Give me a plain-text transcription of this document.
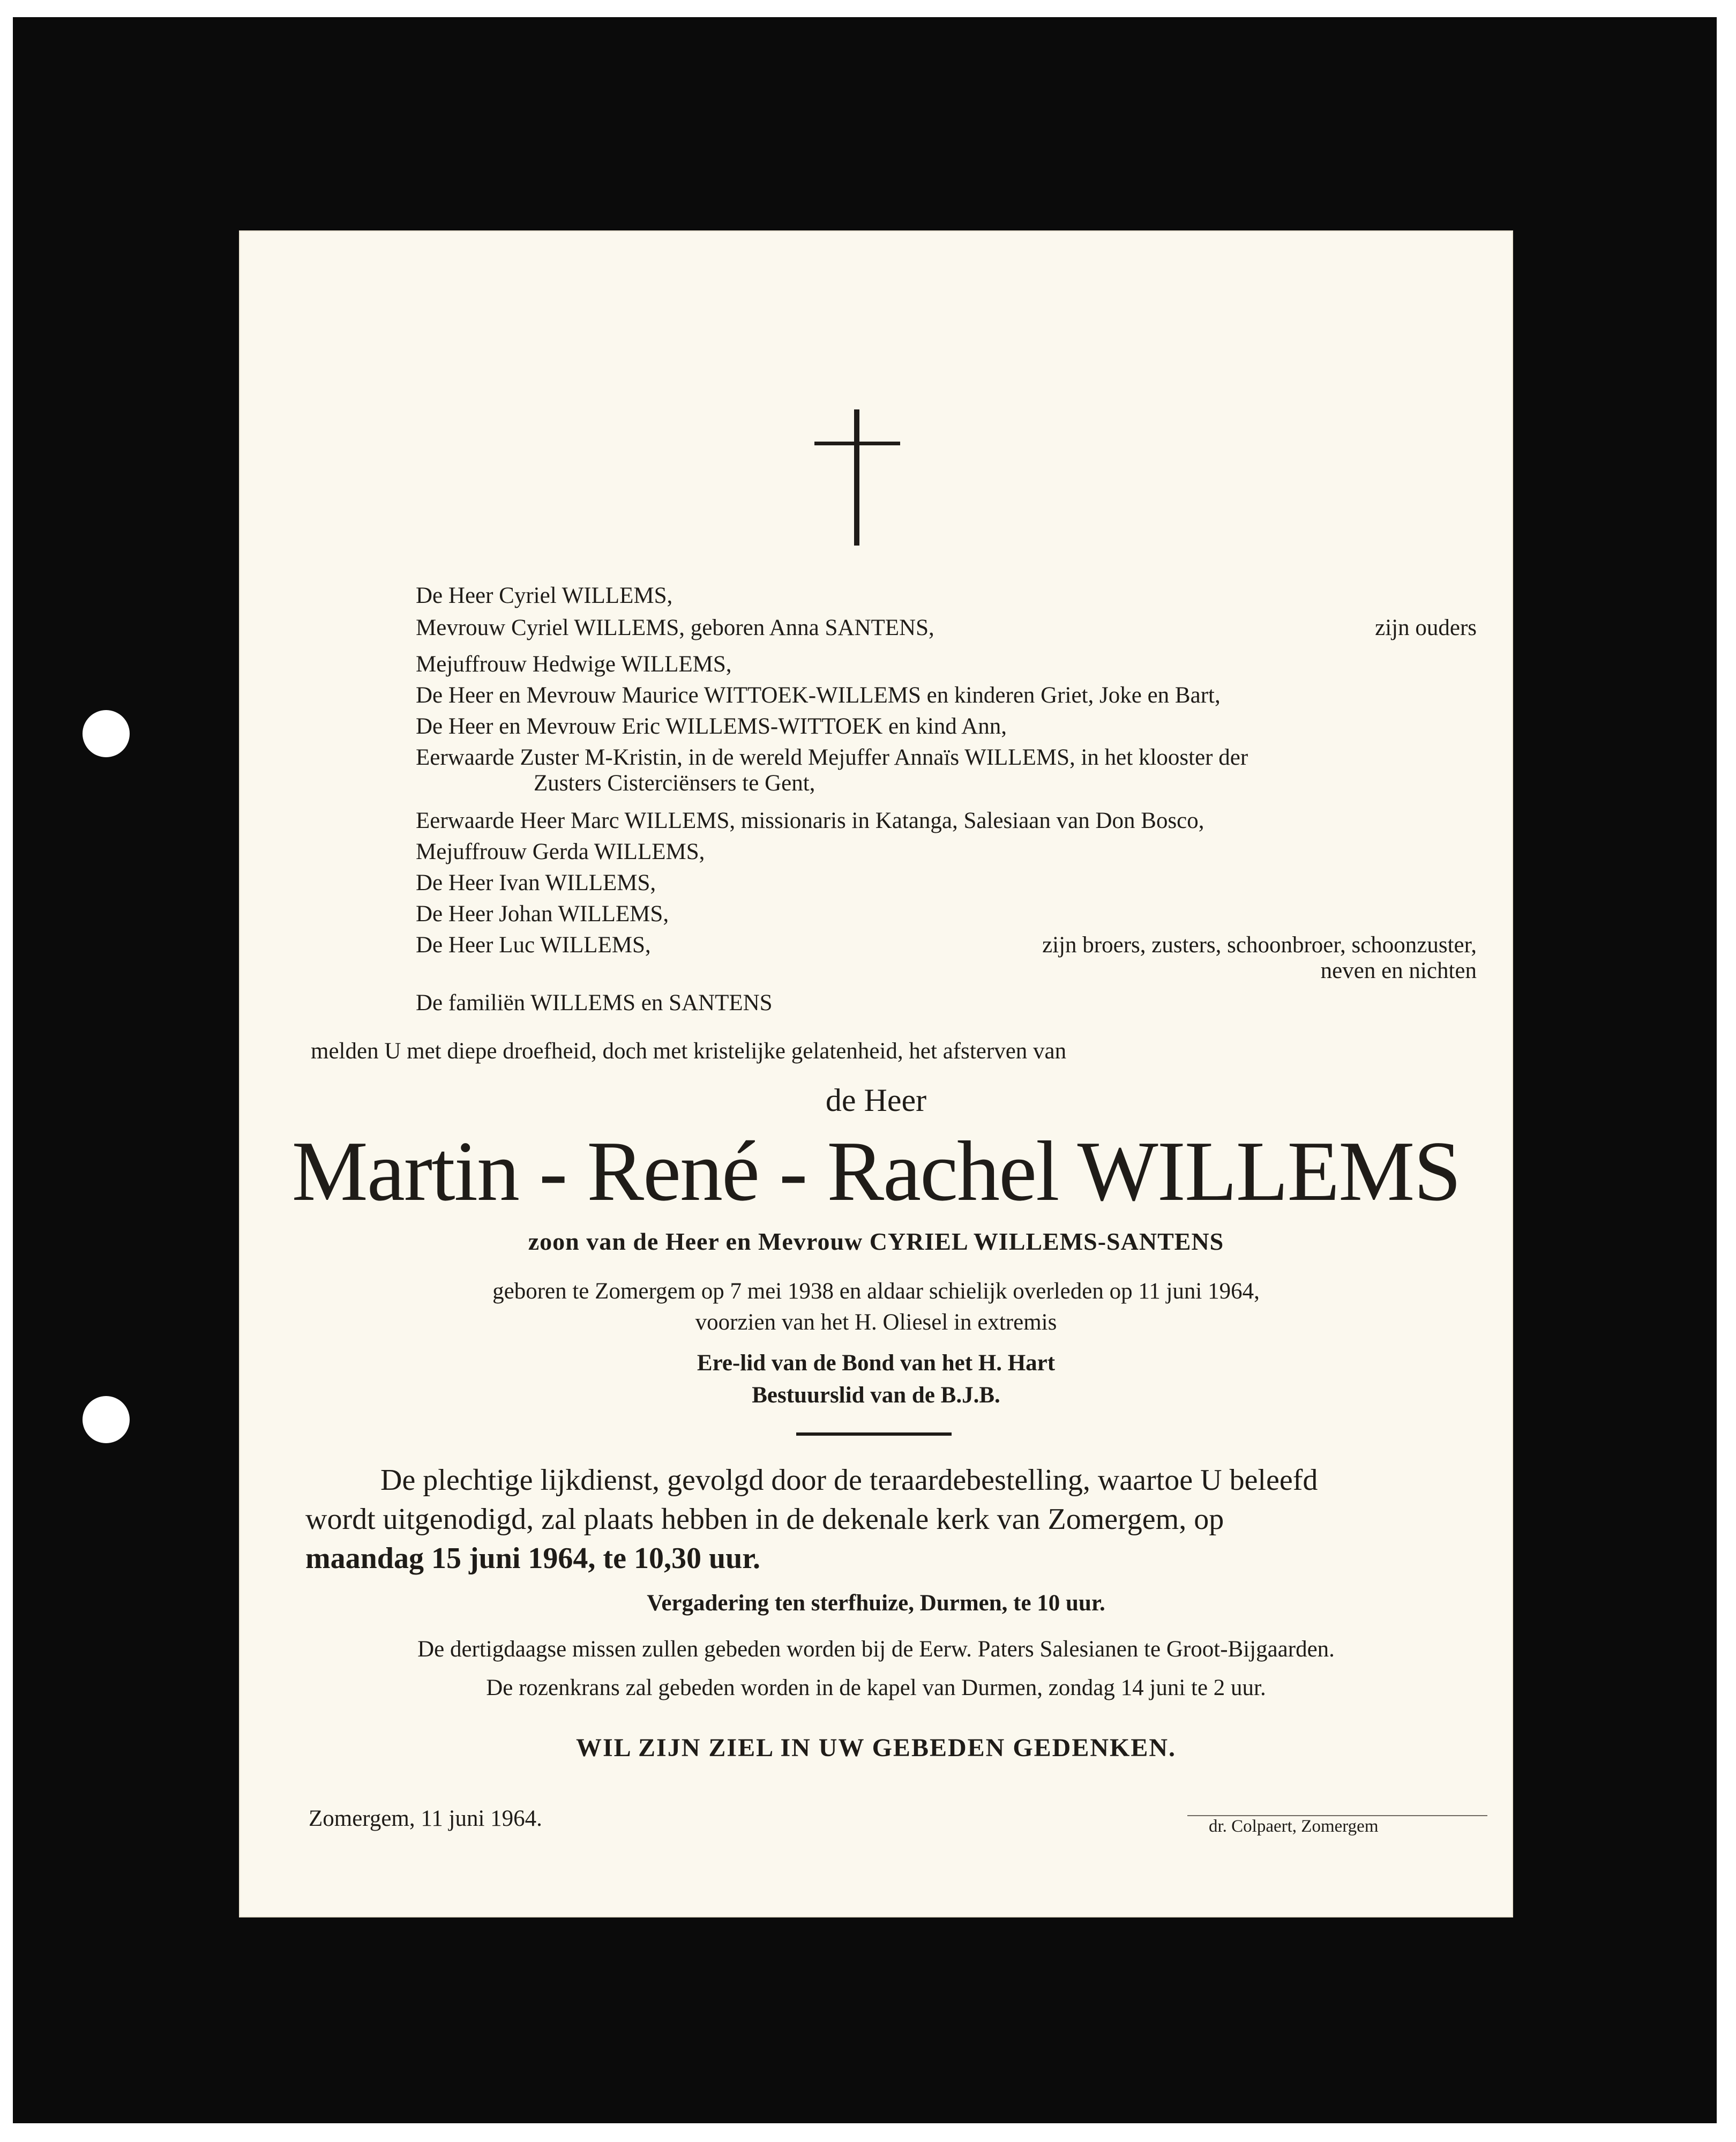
De Heer Cyriel WILLEMS,
Mevrouw Cyriel WILLEMS, geboren Anna SANTENS,	zijn ouders
Mejuffrouw Hedwige WILLEMS,
De Heer en Mevrouw Maurice WITTOEK-WILLEMS en kinderen Griet, Joke en Bart,
De Heer en Mevrouw Eric WILLEMS-WITTOEK en kind Ann,
Eerwaarde Zuster M-Kristin, in de wereld Mejuffer Annaïs WILLEMS, in het klooster der
Zusters Cisterciënsers te Gent,
Eerwaarde Heer Marc WILLEMS, missionaris in Katanga, Salesiaan van Don Bosco,
Mejuffrouw Gerda WILLEMS,
De Heer Ivan WILLEMS,
De Heer Johan WILLEMS,
De Heer Luc WILLEMS,	zijn broers, zusters, schoonbroer, schoonzuster,
neven en nichten
De familiën WILLEMS en SANTENS
melden U met diepe droefheid, doch met kristelijke gelatenheid, het afsterven van
de Heer
Martin - René - Rachel WILLEMS
zoon van de Heer en Mevrouw CYRIEL WILLEMS-SANTENS
geboren te Zomergem op 7 mei 1938 en aldaar schielijk overleden op 11 juni 1964,
voorzien van het H. Oliesel in extremis
Ere-lid van de Bond van het H. Hart
Bestuurslid van de B.J.B.
De plechtige lijkdienst, gevolgd door de teraardebestelling, waartoe U beleefd
wordt uitgenodigd, zal plaats hebben in de dekenale kerk van Zomergem, op
maandag 15 juni 1964, te 10,30 uur.
Vergadering ten sterfhuize, Durmen, te 10 uur.
De dertigdaagse missen zullen gebeden worden bij de Eerw. Paters Salesianen te Groot-Bijgaarden.
De rozenkrans zal gebeden worden in de kapel van Durmen, zondag 14 juni te 2 uur.
WIL ZIJN ZIEL IN UW GEBEDEN GEDENKEN.
Zomergem, 11 juni 1964.	dr. Colpaert, Zomergem
